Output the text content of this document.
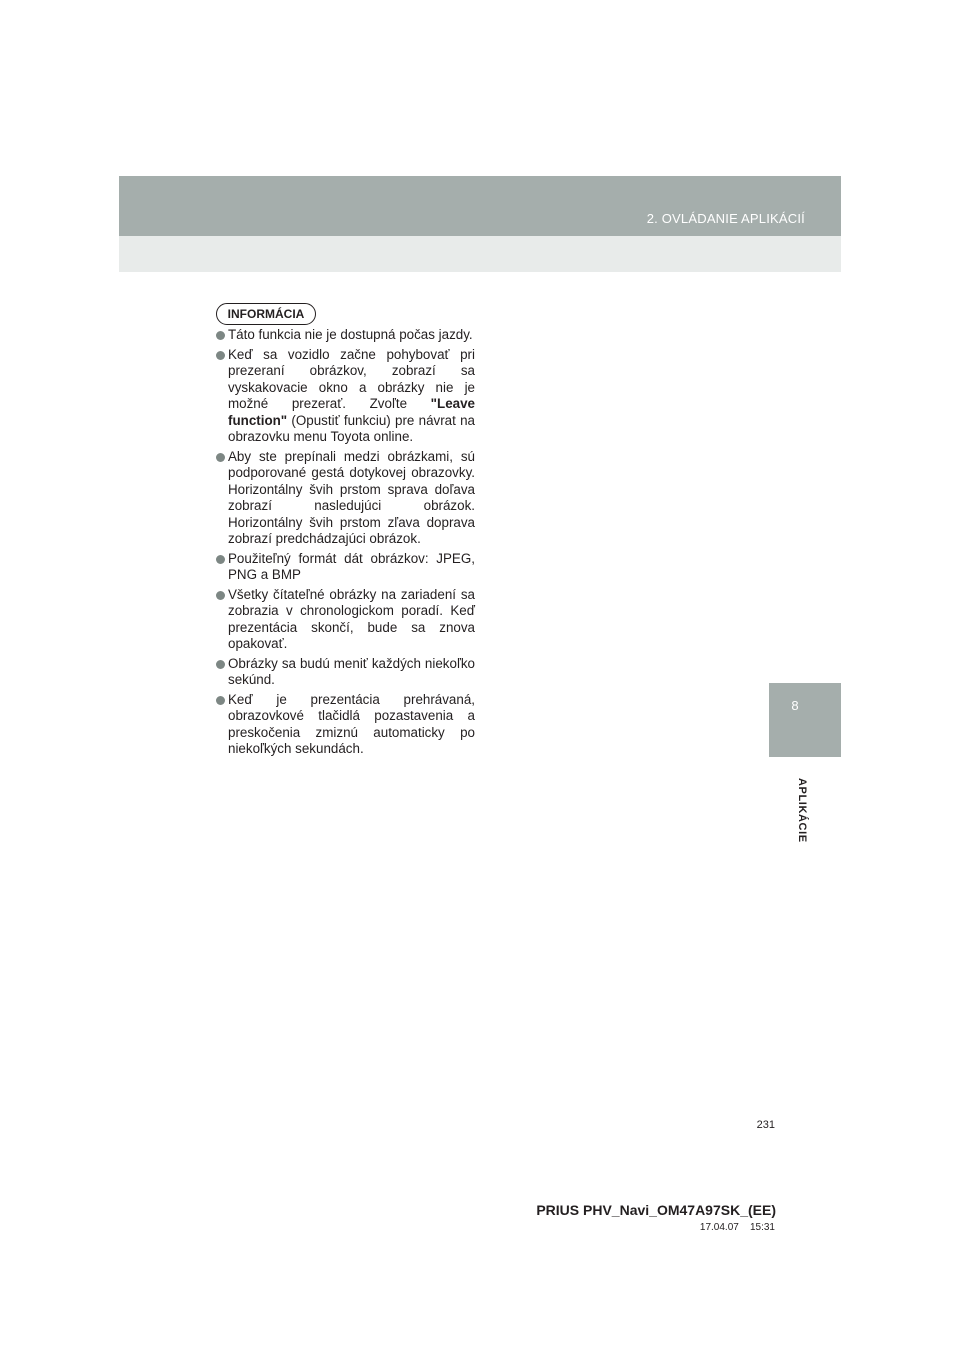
2. OVLÁDANIE APLIKÁCIÍ
8
APLIKÁCIE
INFORMÁCIA
Táto funkcia nie je dostupná počas jazdy.
Keď sa vozidlo začne pohybovať pri prezeraní obrázkov, zobrazí sa vyskakovacie okno a obrázky nie je možné prezerať. Zvoľte "Leave function" (Opustiť funkciu) pre návrat na obrazovku menu Toyota online.
Aby ste prepínali medzi obrázkami, sú podporované gestá dotykovej obrazovky. Horizontálny švih prstom sprava doľava zobrazí nasledujúci obrázok. Horizontálny švih prstom zľava doprava zobrazí predchádzajúci obrázok.
Použiteľný formát dát obrázkov: JPEG, PNG a BMP
Všetky čítateľné obrázky na zariadení sa zobrazia v chronologickom poradí. Keď prezentácia skončí, bude sa znova opakovať.
Obrázky sa budú meniť každých niekoľko sekúnd.
Keď je prezentácia prehrávaná, obrazovkové tlačidlá pozastavenia a preskočenia zmiznú automaticky po niekoľkých sekundách.
231
PRIUS PHV_Navi_OM47A97SK_(EE)
17.04.07 15:31
